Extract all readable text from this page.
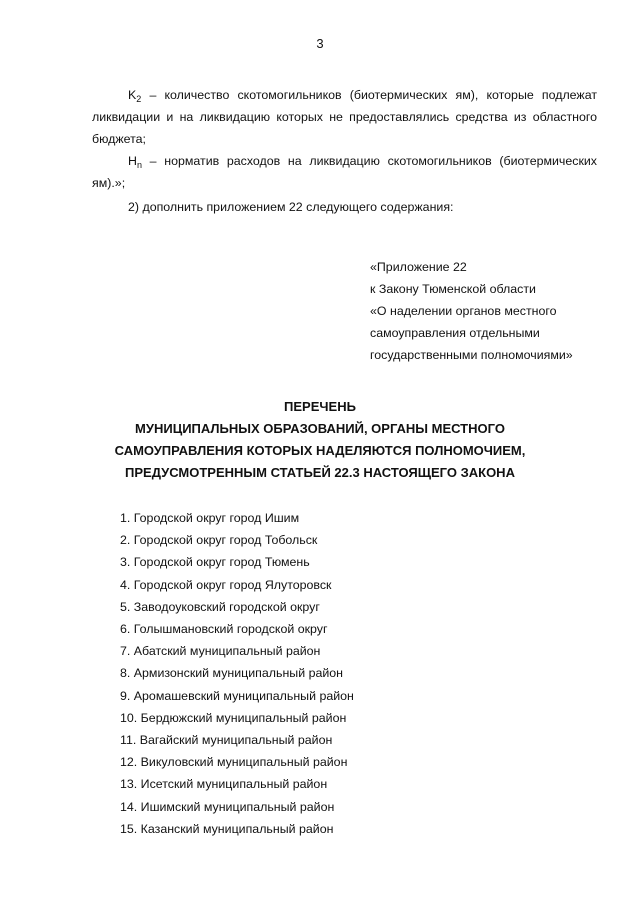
3
$K_2$ – количество скотомогильников (биотермических ям), которые подлежат
ликвидации и на ликвидацию которых не предоставлялись средства из областного
бюджета;
$Н_n$ – норматив расходов на ликвидацию скотомогильников (биотермических
ям).»;
2) дополнить приложением 22 следующего содержания:
«Приложение 22
к Закону Тюменской области
«О наделении органов местного
самоуправления отдельными
государственными полномочиями»
ПЕРЕЧЕНЬ
МУНИЦИПАЛЬНЫХ ОБРАЗОВАНИЙ, ОРГАНЫ МЕСТНОГО
САМОУПРАВЛЕНИЯ КОТОРЫХ НАДЕЛЯЮТСЯ ПОЛНОМОЧИЕМ,
ПРЕДУСМОТРЕННЫМ СТАТЬЕЙ 22.3 НАСТОЯЩЕГО ЗАКОНА
1. Городской округ город Ишим
2. Городской округ город Тобольск
3. Городской округ город Тюмень
4. Городской округ город Ялуторовск
5. Заводоуковский городской округ
6. Голышмановский городской округ
7. Абатский муниципальный район
8. Армизонский муниципальный район
9. Аромашевский муниципальный район
10. Бердюжский муниципальный район
11. Вагайский муниципальный район
12. Викуловский муниципальный район
13. Исетский муниципальный район
14. Ишимский муниципальный район
15. Казанский муниципальный район
